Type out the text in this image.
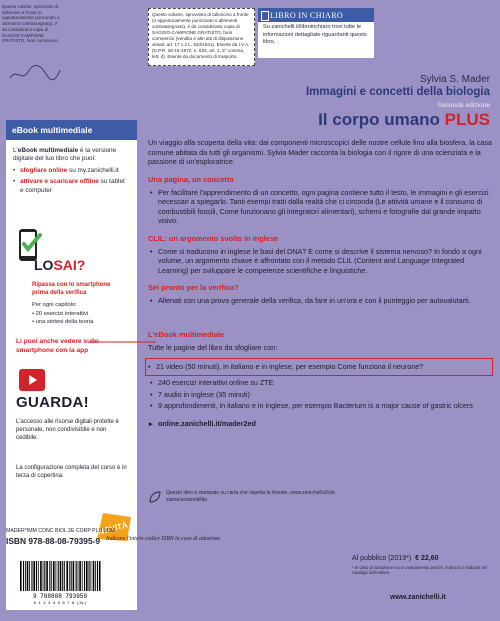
Questo volume, sprovvisto di talloncino a fronte (o opportunamente punzonato o altrimenti contrassegnato), è da considerarsi copia di SAGGIO-CAMPIONE GRATUITO, fuori commercio.
eBook multimediale
L'eBook multimediale è la versione digitale del tuo libro che puoi:
• sfogliare online su my.zanichelli.it
• attivare e scaricare offline su tablet e computer
LOSAI?
Ripassa con lo smartphone prima della verifica
Per ogni capitolo:
• 20 esercizi interattivi
• una sintesi della teoria
Li puoi anche vedere sullo smartphone con la app
GUARDA!
L'accesso alle risorse digitali protette è personale, non condivisibile e non cedibile.
La configurazione completa del corso è in terza di copertina.
NOVITÀ
Questo volume, sprovvisto di talloncino a fronte (o opportunamente punzonato o altrimenti contrassegnato), è da considerarsi copia di SAGGIO-CAMPIONE GRATUITO, fuori commercio (vendita e altri atti di disposizione vietati: art. 17 c.2 L. 633/1941). Esente da I.V.A. (D.P.R. 26-10-1972, n. 633, art. 2, 3° comma, lett. d). Esente da documento di trasporto.
LIBRO IN CHIARO
Su zanichelli.it/libroinchiaro trovi tutte le informazioni dettagliate riguardanti questo libro.
Sylvia S. Mader
Immagini e concetti della biologia
Seconda edizione
Il corpo umano PLUS

Un viaggio alla scoperta della vita: dai componenti microscopici delle nostre cellule fino alla biosfera, la casa comune abitata da tutti gli organismi. Sylvia Mader racconta la biologia con il rigore di una scienziata e la passione di un'esploratrice.

Una pagina, un concetto
• Per facilitare l'apprendimento di un concetto, ogni pagina contiene tutto il testo, le immagini e gli esercizi necessari a spiegarlo. Tanti esempi tratti dalla realtà che ci circonda (Le attività umane e il consumo di combustibili fossili, Come funzionano gli integratori alimentari), schemi e fotografie dal grande impatto visivo.
CLIL: un argomento svolto in inglese
• Come si traducono in inglese le basi del DNA? E come si descrive il sistema nervoso? In fondo a ogni volume, un argomento chiave è affrontato con il metodo CLIL (Content and Language Integrated Learning) per sviluppare le competenze scientifiche e linguistiche.
Sei pronto per la verifica?
• Allenati con una prova generale della verifica, da fare in un'ora e con il punteggio per autovalutarti.
L'eBook multimediale
Tutte le pagine del libro da sfogliare con:
• 21 video (50 minuti), in italiano e in inglese, per esempio Come funziona il neurone?
• 240 esercizi interattivi online su ZTE
• 7 audio in inglese (35 minuti)
• 9 approfondimenti, in italiano e in inglese, per esempio Bacterium is a major cause of gastric ulcers
▸ online.zanichelli.it/mader2ed
Questo libro è stampato su carta che rispetta le foreste. www.zanichelli.it/chi-siamo/sostenibilita
MADER*IMM CONC BIOL 2E CORP PLU LDM
ISBN 978-88-08-79395-9 Indicare l'intero codice ISBN in caso di adozione
9 788808 793959
0 1 2 3 4 5 6 7 8 (3L)
Al pubblico (2019*) € 22,60
* In caso di variazione Iva o cambiamento prezzo, il prezzo è indicato nel catalogo dell'editore.
www.zanichelli.it
